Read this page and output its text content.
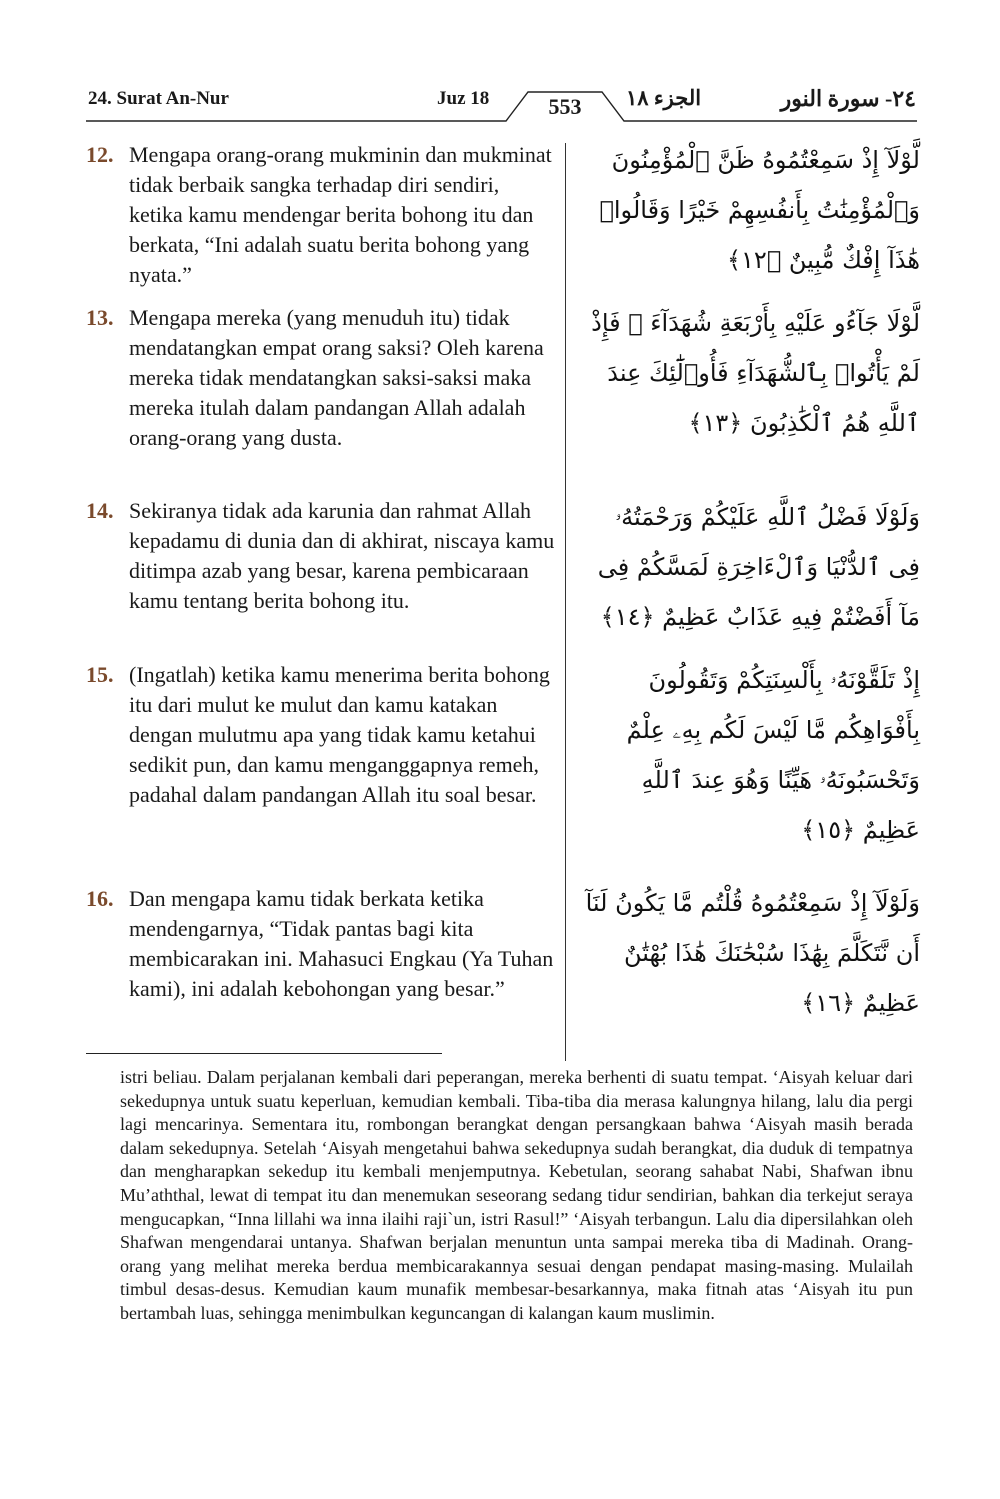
24. Surat An-Nur	Juz 18	553	الجزء ١٨	٢٤- سورة النور
12. Mengapa orang-orang mukminin dan mukminat tidak berbaik sangka terhadap diri sendiri, ketika kamu mendengar berita bohong itu dan berkata, “Ini adalah suatu berita bohong yang nyata.”
لَّوْلَآ إِذْ سَمِعْتُمُوهُ ظَنَّ ٱلْمُؤْمِنُونَ وَٱلْمُؤْمِنَٰتُ بِأَنفُسِهِمْ خَيْرًا وَقَالُوا۟ هَٰذَآ إِفْكٌ مُّبِينٌ ﴿١٢﴾
13. Mengapa mereka (yang menuduh itu) tidak mendatangkan empat orang saksi? Oleh karena mereka tidak mendatangkan saksi-saksi maka mereka itulah dalam pandangan Allah adalah orang-orang yang dusta.
لَّوْلَا جَآءُو عَلَيْهِ بِأَرْبَعَةِ شُهَدَآءَ ۚ فَإِذْ لَمْ يَأْتُوا۟ بِٱلشُّهَدَآءِ فَأُو۟لَٰٓئِكَ عِندَ ٱللَّهِ هُمُ ٱلْكَٰذِبُونَ ﴿١٣﴾
14. Sekiranya tidak ada karunia dan rahmat Allah kepadamu di dunia dan di akhirat, niscaya kamu ditimpa azab yang besar, karena pembicaraan kamu tentang berita bohong itu.
وَلَوْلَا فَضْلُ ٱللَّهِ عَلَيْكُمْ وَرَحْمَتُهُۥ فِى ٱلدُّنْيَا وَٱلْءَاخِرَةِ لَمَسَّكُمْ فِى مَآ أَفَضْتُمْ فِيهِ عَذَابٌ عَظِيمٌ ﴿١٤﴾
15. (Ingatlah) ketika kamu menerima berita bohong itu dari mulut ke mulut dan kamu katakan dengan mulutmu apa yang tidak kamu ketahui sedikit pun, dan kamu menganggapnya remeh, padahal dalam pandangan Allah itu soal besar.
إِذْ تَلَقَّوْنَهُۥ بِأَلْسِنَتِكُمْ وَتَقُولُونَ بِأَفْوَاهِكُم مَّا لَيْسَ لَكُم بِهِۦ عِلْمٌ وَتَحْسَبُونَهُۥ هَيِّنًا وَهُوَ عِندَ ٱللَّهِ عَظِيمٌ ﴿١٥﴾
16. Dan mengapa kamu tidak berkata ketika mendengarnya, “Tidak pantas bagi kita membicarakan ini. Mahasuci Engkau (Ya Tuhan kami), ini adalah kebohongan yang besar.”
وَلَوْلَآ إِذْ سَمِعْتُمُوهُ قُلْتُم مَّا يَكُونُ لَنَآ أَن نَّتَكَلَّمَ بِهَٰذَا سُبْحَٰنَكَ هَٰذَا بُهْتَٰنٌ عَظِيمٌ ﴿١٦﴾
istri beliau. Dalam perjalanan kembali dari peperangan, mereka berhenti di suatu tempat. ‘Aisyah keluar dari sekedupnya untuk suatu keperluan, kemudian kembali. Tiba-tiba dia merasa kalungnya hilang, lalu dia pergi lagi mencarinya. Sementara itu, rombongan berangkat dengan persangkaan bahwa ‘Aisyah masih berada dalam sekedupnya. Setelah ‘Aisyah mengetahui bahwa sekedupnya sudah berangkat, dia duduk di tempatnya dan mengharapkan sekedup itu kembali menjemputnya. Kebetulan, seorang sahabat Nabi, Shafwan ibnu Mu’aththal, lewat di tempat itu dan menemukan seseorang sedang tidur sendirian, bahkan dia terkejut seraya mengucapkan, “Inna lillahi wa inna ilaihi raji`un, istri Rasul!” ‘Aisyah terbangun. Lalu dia dipersilahkan oleh Shafwan mengendarai untanya. Shafwan berjalan menuntun unta sampai mereka tiba di Madinah. Orang-orang yang melihat mereka berdua membicarakannya sesuai dengan pendapat masing-masing. Mulailah timbul desas-desus. Kemudian kaum munafik membesar-besarkannya, maka fitnah atas ‘Aisyah itu pun bertambah luas, sehingga menimbulkan keguncangan di kalangan kaum muslimin.
